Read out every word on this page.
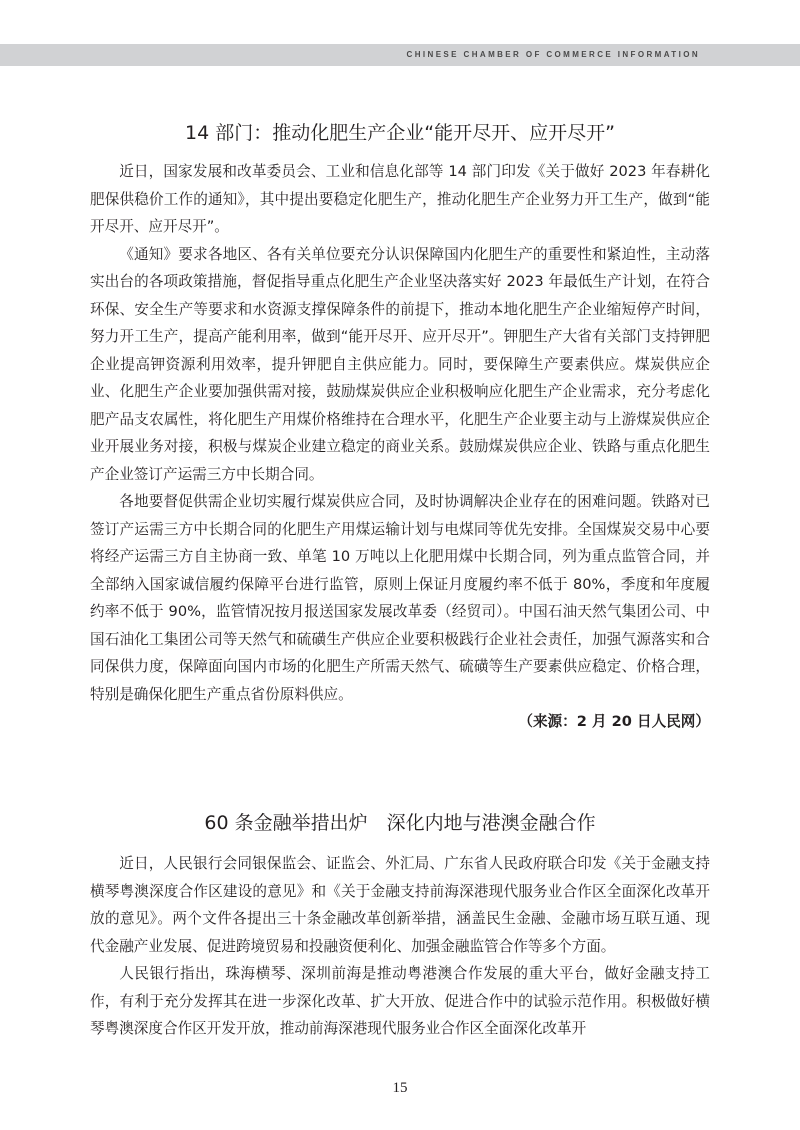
CHINESE CHAMBER OF COMMERCE INFORMATION
14 部门：推动化肥生产企业“能开尽开、应开尽开”

近日，国家发展和改革委员会、工业和信息化部等 14 部门印发《关于做好 2023 年春耕化肥保供稳价工作的通知》，其中提出要稳定化肥生产，推动化肥生产企业努力开工生产，做到“能开尽开、应开尽开”。

《通知》要求各地区、各有关单位要充分认识保障国内化肥生产的重要性和紧迫性，主动落实出台的各项政策措施，督促指导重点化肥生产企业坚决落实好 2023 年最低生产计划，在符合环保、安全生产等要求和水资源支撑保障条件的前提下，推动本地化肥生产企业缩短停产时间，努力开工生产，提高产能利用率，做到“能开尽开、应开尽开”。钾肥生产大省有关部门支持钾肥企业提高钾资源利用效率，提升钾肥自主供应能力。同时，要保障生产要素供应。煤炭供应企业、化肥生产企业要加强供需对接，鼓励煤炭供应企业积极响应化肥生产企业需求，充分考虑化肥产品支农属性，将化肥生产用煤价格维持在合理水平，化肥生产企业要主动与上游煤炭供应企业开展业务对接，积极与煤炭企业建立稳定的商业关系。鼓励煤炭供应企业、铁路与重点化肥生产企业签订产运需三方中长期合同。

各地要督促供需企业切实履行煤炭供应合同，及时协调解决企业存在的困难问题。铁路对已签订产运需三方中长期合同的化肥生产用煤运输计划与电煤同等优先安排。全国煤炭交易中心要将经产运需三方自主协商一致、单笔 10 万吨以上化肥用煤中长期合同，列为重点监管合同，并全部纳入国家诚信履约保障平台进行监管，原则上保证月度履约率不低于 80%，季度和年度履约率不低于 90%，监管情况按月报送国家发展改革委（经贸司）。中国石油天然气集团公司、中国石油化工集团公司等天然气和硫磺生产供应企业要积极践行企业社会责任，加强气源落实和合同保供力度，保障面向国内市场的化肥生产所需天然气、硫磺等生产要素供应稳定、价格合理，特别是确保化肥生产重点省份原料供应。

（来源：2 月 20 日人民网）

60 条金融举措出炉　深化内地与港澳金融合作

近日，人民银行会同银保监会、证监会、外汇局、广东省人民政府联合印发《关于金融支持横琴粤澳深度合作区建设的意见》和《关于金融支持前海深港现代服务业合作区全面深化改革开放的意见》。两个文件各提出三十条金融改革创新举措，涵盖民生金融、金融市场互联互通、现代金融产业发展、促进跨境贸易和投融资便利化、加强金融监管合作等多个方面。

人民银行指出，珠海横琴、深圳前海是推动粤港澳合作发展的重大平台，做好金融支持工作，有利于充分发挥其在进一步深化改革、扩大开放、促进合作中的试验示范作用。积极做好横琴粤澳深度合作区开发开放，推动前海深港现代服务业合作区全面深化改革开

15
